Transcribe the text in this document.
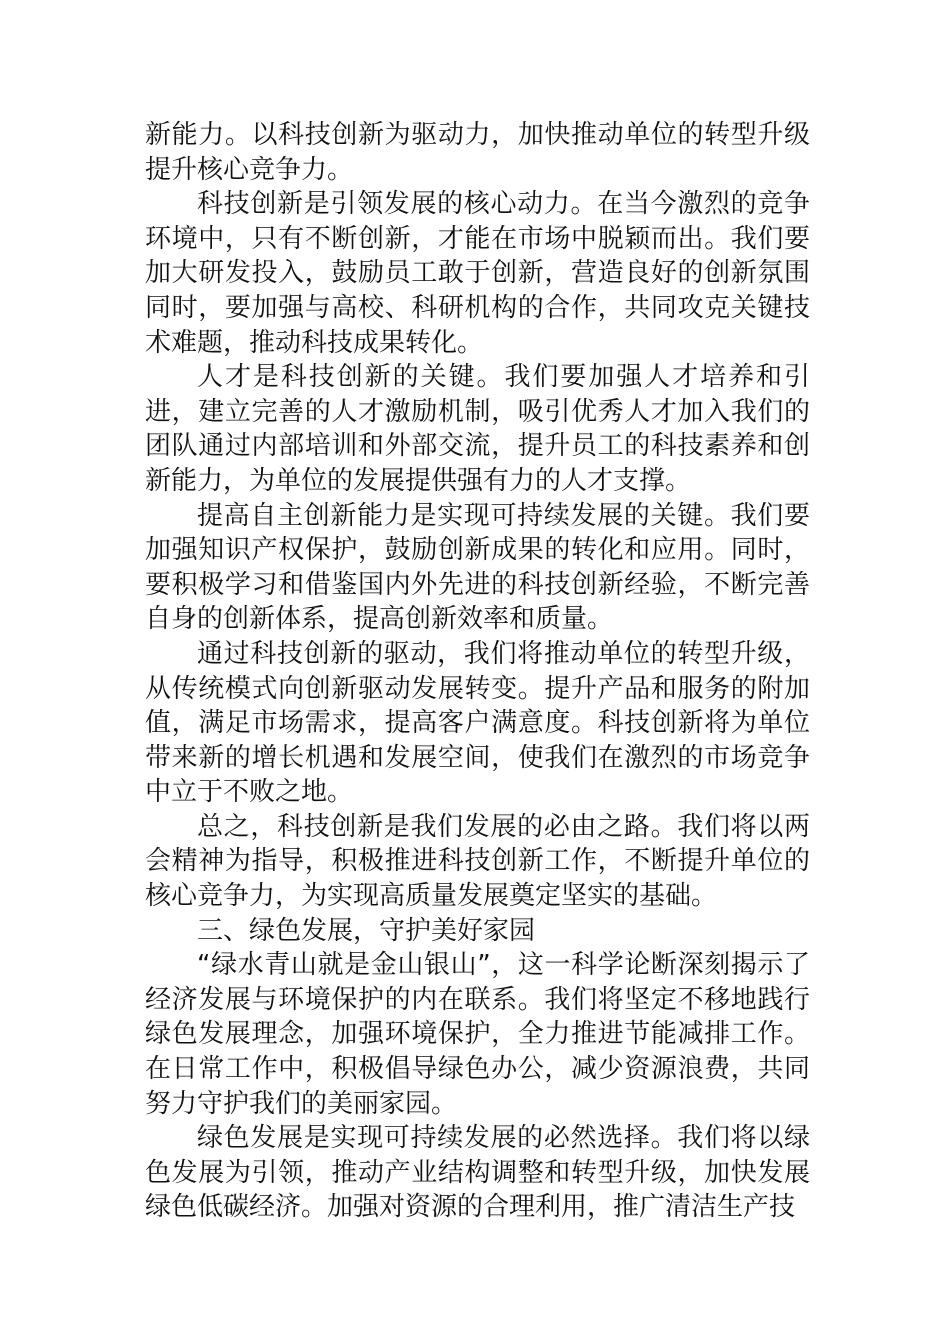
新能力。以科技创新为驱动力，加快推动单位的转型升级提升核心竞争力。

科技创新是引领发展的核心动力。在当今激烈的竞争环境中，只有不断创新，才能在市场中脱颖而出。我们要加大研发投入，鼓励员工敢于创新，营造良好的创新氛围同时，要加强与高校、科研机构的合作，共同攻克关键技术难题，推动科技成果转化。

人才是科技创新的关键。我们要加强人才培养和引进，建立完善的人才激励机制，吸引优秀人才加入我们的团队通过内部培训和外部交流，提升员工的科技素养和创新能力，为单位的发展提供强有力的人才支撑。

提高自主创新能力是实现可持续发展的关键。我们要加强知识产权保护，鼓励创新成果的转化和应用。同时，要积极学习和借鉴国内外先进的科技创新经验，不断完善自身的创新体系，提高创新效率和质量。

通过科技创新的驱动，我们将推动单位的转型升级，从传统模式向创新驱动发展转变。提升产品和服务的附加值，满足市场需求，提高客户满意度。科技创新将为单位带来新的增长机遇和发展空间，使我们在激烈的市场竞争中立于不败之地。

总之，科技创新是我们发展的必由之路。我们将以两会精神为指导，积极推进科技创新工作，不断提升单位的核心竞争力，为实现高质量发展奠定坚实的基础。

三、绿色发展，守护美好家园

“绿水青山就是金山银山”，这一科学论断深刻揭示了经济发展与环境保护的内在联系。我们将坚定不移地践行绿色发展理念，加强环境保护，全力推进节能减排工作。在日常工作中，积极倡导绿色办公，减少资源浪费，共同努力守护我们的美丽家园。

绿色发展是实现可持续发展的必然选择。我们将以绿色发展为引领，推动产业结构调整和转型升级，加快发展绿色低碳经济。加强对资源的合理利用，推广清洁生产技
